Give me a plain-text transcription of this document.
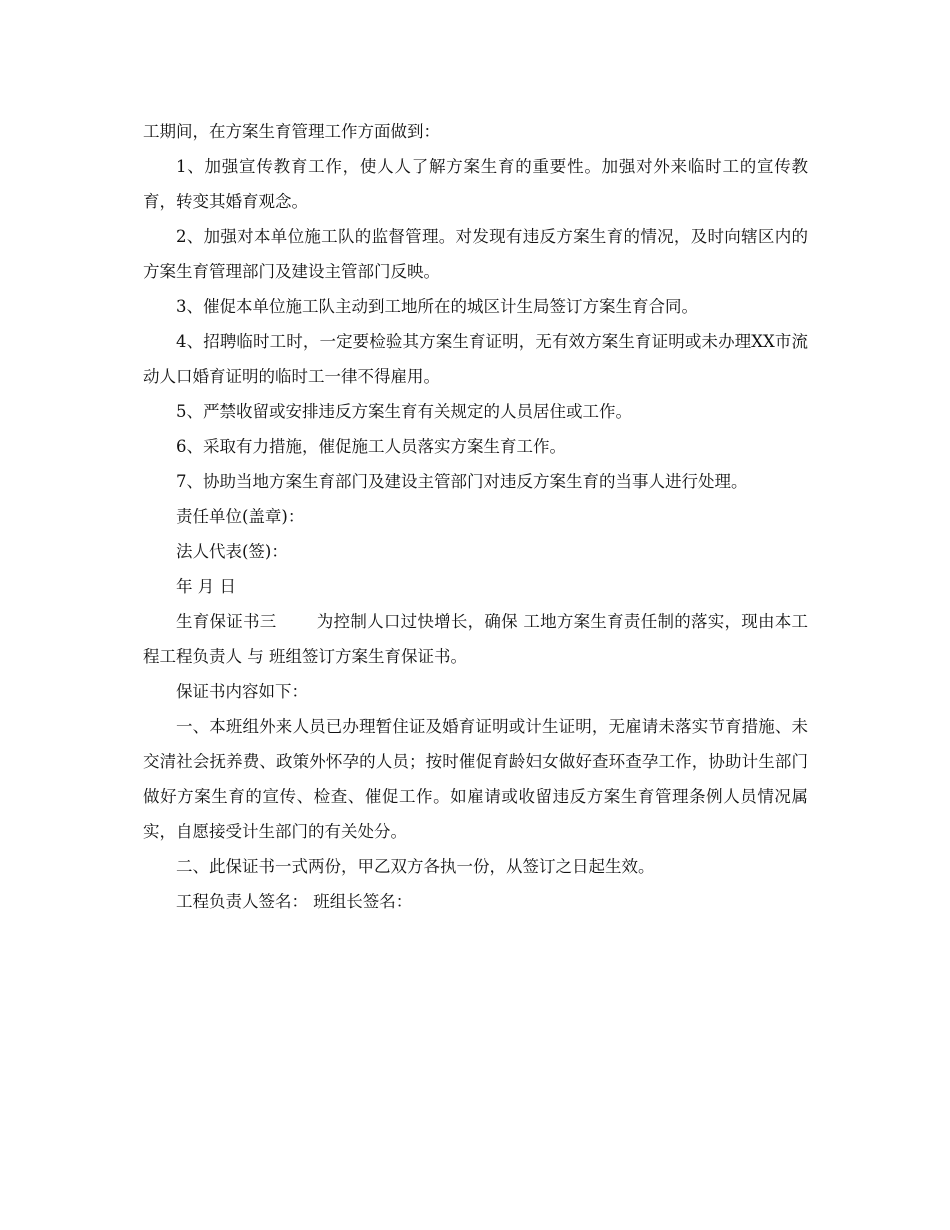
工期间，在方案生育管理工作方面做到：

1、加强宣传教育工作，使人人了解方案生育的重要性。加强对外来临时工的宣传教育，转变其婚育观念。

2、加强对本单位施工队的监督管理。对发现有违反方案生育的情况，及时向辖区内的方案生育管理部门及建设主管部门反映。

3、催促本单位施工队主动到工地所在的城区计生局签订方案生育合同。

4、招聘临时工时，一定要检验其方案生育证明，无有效方案生育证明或未办理XX市流动人口婚育证明的临时工一律不得雇用。

5、严禁收留或安排违反方案生育有关规定的人员居住或工作。

6、采取有力措施，催促施工人员落实方案生育工作。

7、协助当地方案生育部门及建设主管部门对违反方案生育的当事人进行处理。

责任单位(盖章)：

法人代表(签)：

年 月 日

生育保证书三 为控制人口过快增长，确保 工地方案生育责任制的落实，现由本工程工程负责人 与 班组签订方案生育保证书。

保证书内容如下：

一、本班组外来人员已办理暂住证及婚育证明或计生证明，无雇请未落实节育措施、未交清社会抚养费、政策外怀孕的人员；按时催促育龄妇女做好查环查孕工作，协助计生部门做好方案生育的宣传、检查、催促工作。如雇请或收留违反方案生育管理条例人员情况属实，自愿接受计生部门的有关处分。

二、此保证书一式两份，甲乙双方各执一份，从签订之日起生效。

工程负责人签名： 班组长签名：
